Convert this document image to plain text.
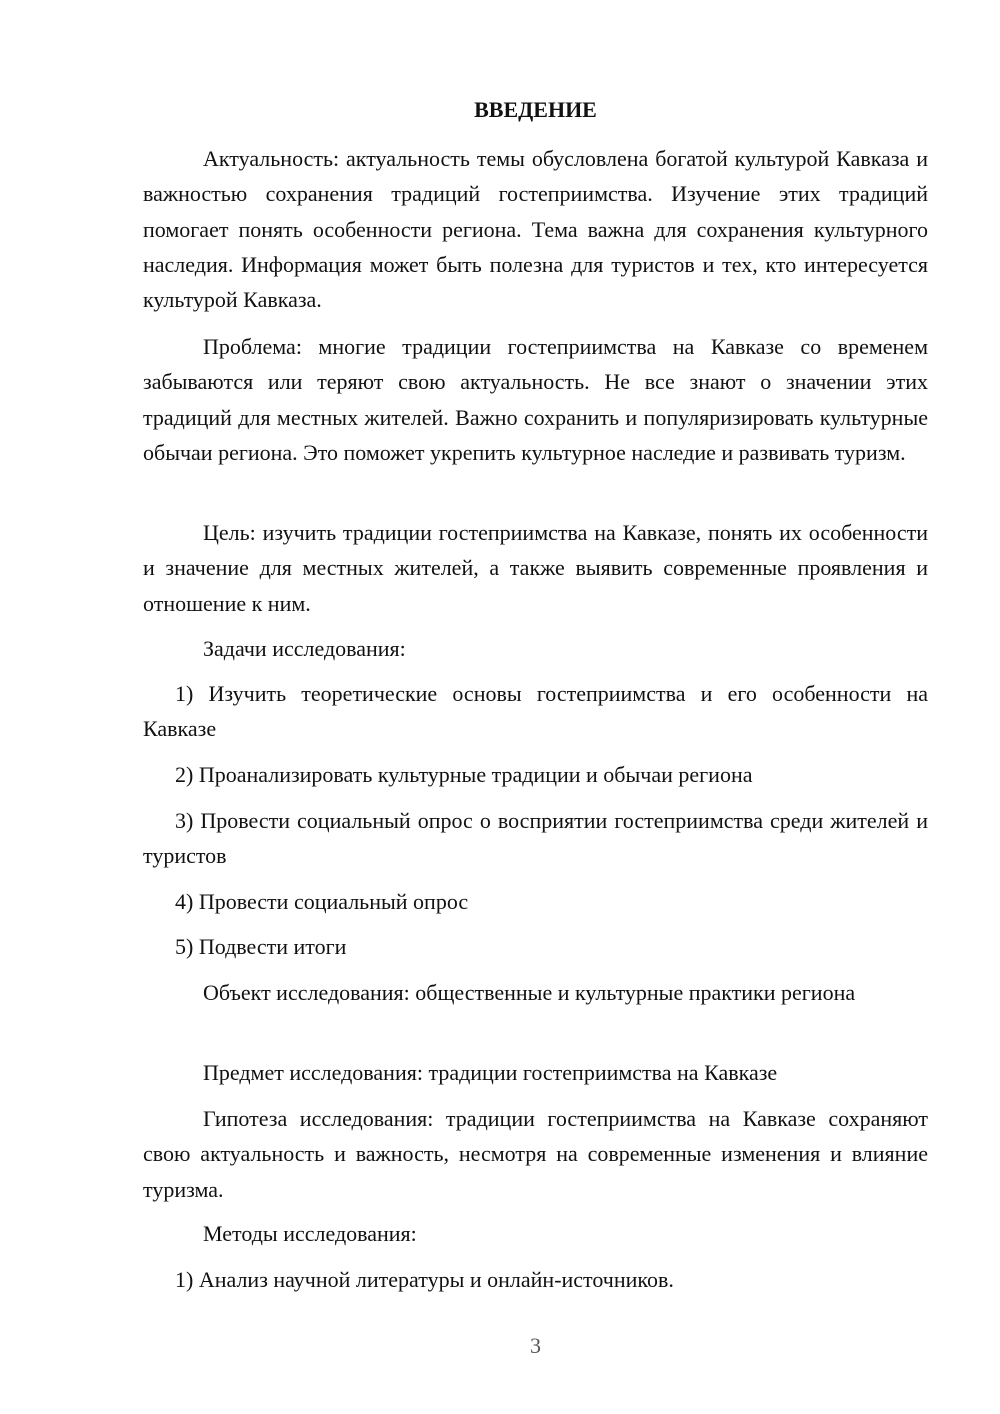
ВВЕДЕНИЕ

Актуальность: актуальность темы обусловлена богатой культурой Кавказа и важностью сохранения традиций гостеприимства. Изучение этих традиций помогает понять особенности региона. Тема важна для сохранения культурного наследия. Информация может быть полезна для туристов и тех, кто интересуется культурой Кавказа.

Проблема: многие традиции гостеприимства на Кавказе со временем забываются или теряют свою актуальность. Не все знают о значении этих традиций для местных жителей. Важно сохранить и популяризировать культурные обычаи региона. Это поможет укрепить культурное наследие и развивать туризм.

Цель: изучить традиции гостеприимства на Кавказе, понять их особенности и значение для местных жителей, а также выявить современные проявления и отношение к ним.

Задачи исследования:

1) Изучить теоретические основы гостеприимства и его особенности на Кавказе

2) Проанализировать культурные традиции и обычаи региона

3) Провести социальный опрос о восприятии гостеприимства среди жителей и туристов

4) Провести социальный опрос

5) Подвести итоги

Объект исследования: общественные и культурные практики региона

Предмет исследования: традиции гостеприимства на Кавказе

Гипотеза исследования: традиции гостеприимства на Кавказе сохраняют свою актуальность и важность, несмотря на современные изменения и влияние туризма.

Методы исследования:

1) Анализ научной литературы и онлайн-источников.

3
